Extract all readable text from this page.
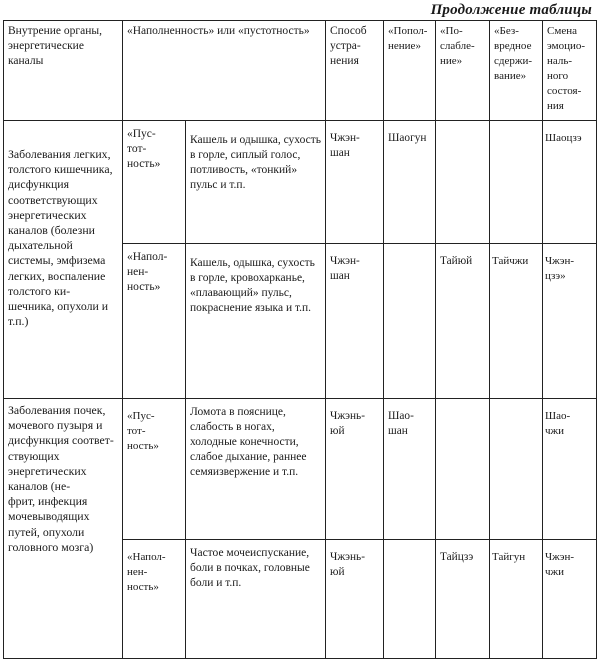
Продолжение таблицы
Внутрение органы, энергетические каналы	«Наполненность» или «пустотность»		Способ устра-
нения	«Попол-
нение»	«По-
слабле-
ние»	«Без-
вредное
сдержи-
вание»	Смена эмоцио-
наль-
ного состоя-
ния
Заболевания легких, толстого кишечника, дисфункция соответствующих энергетических каналов (болезни дыхательной системы, эмфизема легких, воспаление толстого ки-
шечника, опухоли и т.п.)	«Пус-
тот-
ность»	Кашель и одышка, сухость в горле, сиплый голос, потливость, «тонкий» пульс и т.п.	Чжэн-
шан	Шаогун			Шаоцзэ
	«Напол-
нен-
ность»	Кашель, одышка, сухость в горле, кровохарканье, «плавающий» пульс, покраснение языка и т.п.	Чжэн-
шан		Тайюй	Тайчжи	Чжэн-
цзэ»
Заболевания почек, мочевого пузыря и дисфункция соответ-
ствующих энергетических каналов (не-
фрит, инфекция мочевыводящих путей, опухоли головного мозга)	«Пус-
тот-
ность»	Ломота в пояснице, слабость в ногах, холодные конечности, слабое дыхание, раннее семяизвержение и т.п.	Чжэнь-
юй	Шао-
шан			Шао-
чжи
	«Напол-
нен-
ность»	Частое мочеиспускание, боли в почках, головные боли и т.п.	Чжэнь-
юй		Тайцзэ	Тайгун	Чжэн-
чжи
